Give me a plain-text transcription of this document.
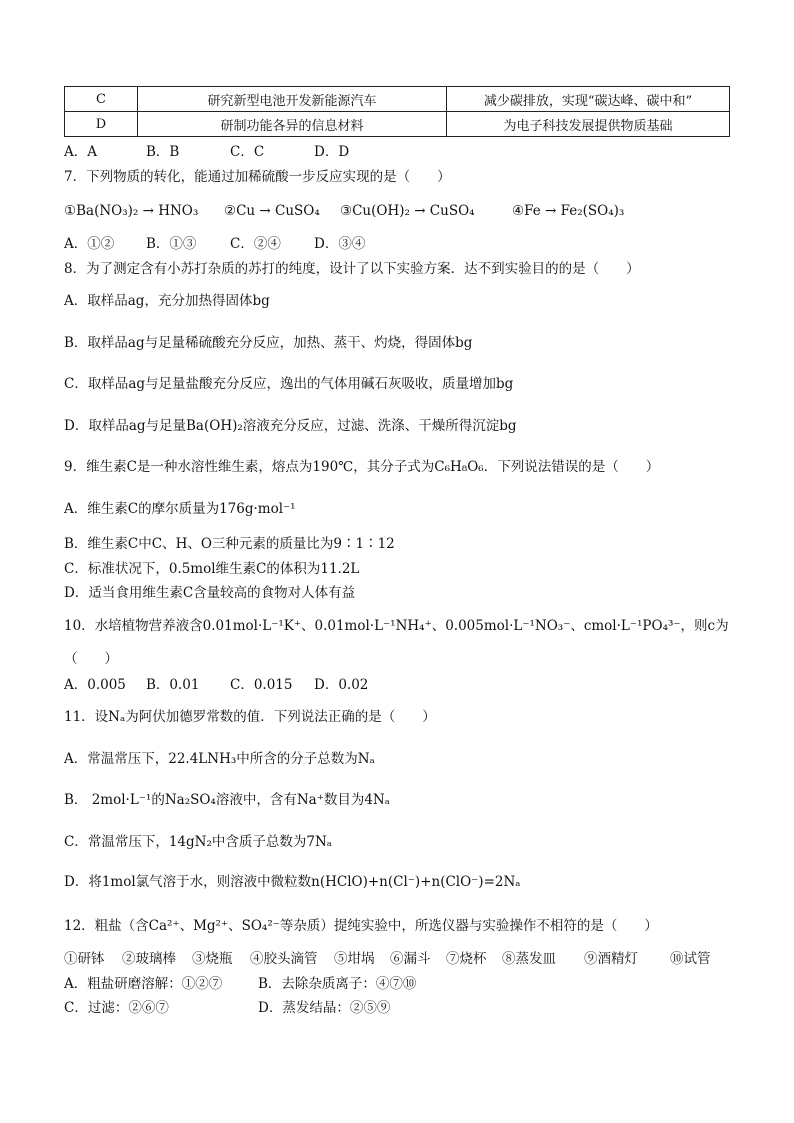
C	研究新型电池开发新能源汽车	减少碳排放，实现“碳达峰、碳中和”
D	研制功能各异的信息材料	为电子科技发展提供物质基础
A．A	B．B	C．C	D．D
7．下列物质的转化，能通过加稀硫酸一步反应实现的是（　　）
①Ba(NO₃)₂ → HNO₃ ②Cu → CuSO₄ ③Cu(OH)₂ → CuSO₄	④Fe → Fe₂(SO₄)₃
A．①② B．①③ C．②④ D．③④
8．为了测定含有小苏打杂质的苏打的纯度，设计了以下实验方案．达不到实验目的的是（　　）
A．取样品ag，充分加热得固体bg
B．取样品ag与足量稀硫酸充分反应，加热、蒸干、灼烧，得固体bg
C．取样品ag与足量盐酸充分反应，逸出的气体用碱石灰吸收，质量增加bg
D．取样品ag与足量Ba(OH)₂溶液充分反应，过滤、洗涤、干燥所得沉淀bg
9．维生素C是一种水溶性维生素，熔点为190℃，其分子式为C₆H₈O₆．下列说法错误的是（　　）
A．维生素C的摩尔质量为176g·mol⁻¹
B．维生素C中C、H、O三种元素的质量比为9∶1∶12
C．标准状况下，0.5mol维生素C的体积为11.2L
D．适当食用维生素C含量较高的食物对人体有益
10．水培植物营养液含0.01mol·L⁻¹K⁺、0.01mol·L⁻¹NH₄⁺、0.005mol·L⁻¹NO₃⁻、cmol·L⁻¹PO₄³⁻，则c为
（　　）
A．0.005 B．0.01 C．0.015 D．0.02
11．设Nₐ为阿伏加德罗常数的值．下列说法正确的是（　　）
A．常温常压下，22.4LNH₃中所含的分子总数为Nₐ
B． 2mol·L⁻¹的Na₂SO₄溶液中，含有Na⁺数目为4Nₐ
C．常温常压下，14gN₂中含质子总数为7Nₐ
D．将1mol氯气溶于水，则溶液中微粒数n(HClO)+n(Cl⁻)+n(ClO⁻)=2Nₐ
12．粗盐（含Ca²⁺、Mg²⁺、SO₄²⁻等杂质）提纯实验中，所选仪器与实验操作不相符的是（　　）
①研钵 ②玻璃棒 ③烧瓶 ④胶头滴管 ⑤坩埚 ⑥漏斗 ⑦烧杯 ⑧蒸发皿 ⑨酒精灯 ⑩试管
A．粗盐研磨溶解：①②⑦	B．去除杂质离子：④⑦⑩
C．过滤：②⑥⑦	D．蒸发结晶：②⑤⑨
